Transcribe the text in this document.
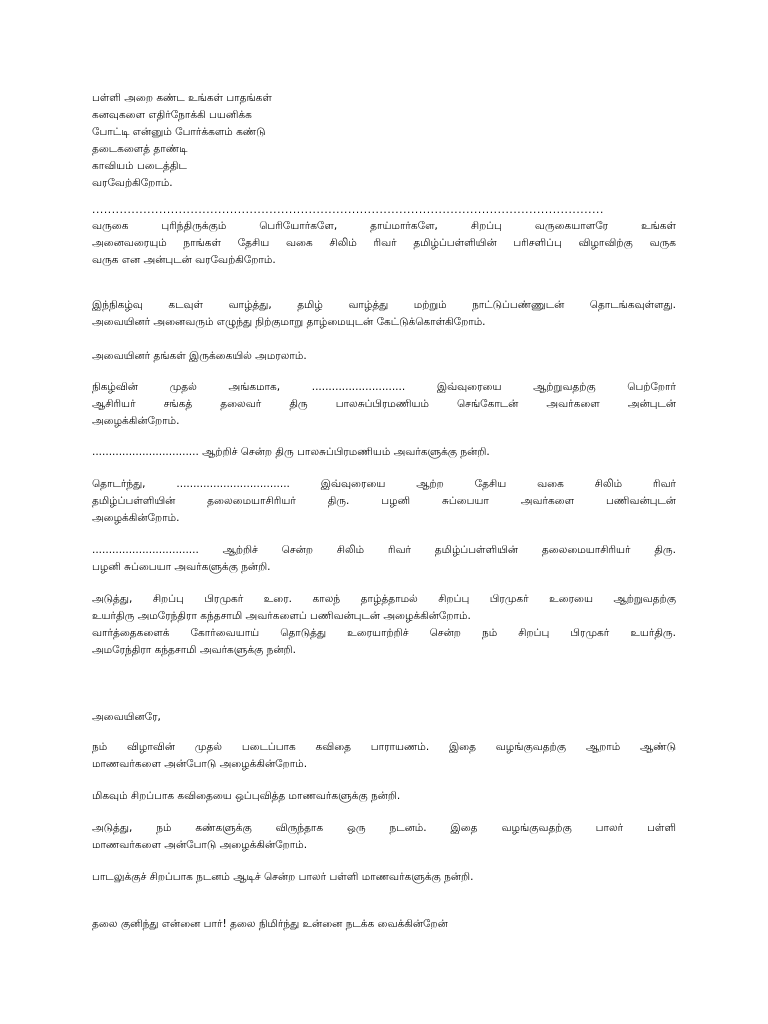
பள்ளி அறை கண்ட உங்கள் பாதங்கள்
கனவுகளை எதிர்நோக்கி பயனிக்க
போட்டி என்னும் போர்க்களம் கண்டு
தடைகளைத் தாண்டி
காவியம் படைத்திட
வரவேற்கிறோம்.
..................................................................................................................................
வருகை புரிந்திருக்கும் பெரியோர்களே, தாய்மார்களே, சிறப்பு வருகையாளரே உங்கள்
அனைவரையும் நாங்கள் தேசிய வகை சிலிம் ரிவர் தமிழ்ப்பள்ளியின் பரிசளிப்பு விழாவிற்கு வருக
வருக என அன்புடன் வரவேற்கிறோம்.
இந்நிகழ்வு கடவுள் வாழ்த்து, தமிழ் வாழ்த்து மற்றும் நாட்டுப்பண்ணுடன் தொடங்கவுள்ளது.
அவையினர் அனைவரும் எழுந்து நிற்குமாறு தாழ்மையுடன் கேட்டுக்கொள்கிறோம்.
அவையினர் தங்கள் இருக்கையில் அமரலாம்.
நிகழ்வின் முதல் அங்கமாக, ............................ இவ்வுரையை ஆற்றுவதற்கு பெற்றோர்
ஆசிரியர் சங்கத் தலைவர் திரு பாலசுப்பிரமணியம் செங்கோடன் அவர்களை அன்புடன்
அழைக்கின்றோம்.
................................ ஆற்றிச் சென்ற திரு பாலசுப்பிரமணியம் அவர்களுக்கு நன்றி.
தொடர்ந்து, .................................. இவ்வுரையை ஆற்ற தேசிய வகை சிலிம் ரிவர்
தமிழ்ப்பள்ளியின் தலைமையாசிரியர் திரு. பழனி சுப்பையா அவர்களை பணிவன்புடன்
அழைக்கின்றோம்.
................................ ஆற்றிச் சென்ற சிலிம் ரிவர் தமிழ்ப்பள்ளியின் தலைமையாசிரியர் திரு.
பழனி சுப்பையா அவர்களுக்கு நன்றி.
அடுத்து, சிறப்பு பிரமுகர் உரை. காலந் தாழ்த்தாமல் சிறப்பு பிரமுகர் உரையை ஆற்றுவதற்கு
உயர்திரு அமரேந்திரா கந்தசாமி அவர்களைப் பணிவன்புடன் அழைக்கின்றோம்.
வார்த்தைகளைக் கோர்வையாய் தொடுத்து உரையாற்றிச் சென்ற நம் சிறப்பு பிரமுகர் உயர்திரு.
அமரேந்திரா கந்தசாமி அவர்களுக்கு நன்றி.
அவையினரே,
நம் விழாவின் முதல் படைப்பாக கவிதை பாராயணம். இதை வழங்குவதற்கு ஆறாம் ஆண்டு
மாணவர்களை அன்போடு அழைக்கின்றோம்.
மிகவும் சிறப்பாக கவிதையை ஒப்புவித்த மாணவர்களுக்கு நன்றி.
அடுத்து, நம் கண்களுக்கு விருந்தாக ஒரு நடனம். இதை வழங்குவதற்கு பாலர் பள்ளி
மாணவர்களை அன்போடு அழைக்கின்றோம்.
பாடலுக்குச் சிறப்பாக நடனம் ஆடிச் சென்ற பாலர் பள்ளி மாணவர்களுக்கு நன்றி.
தலை குனிந்து என்னை பார்! தலை நிமிர்ந்து உன்னை நடக்க வைக்கின்றேன்
